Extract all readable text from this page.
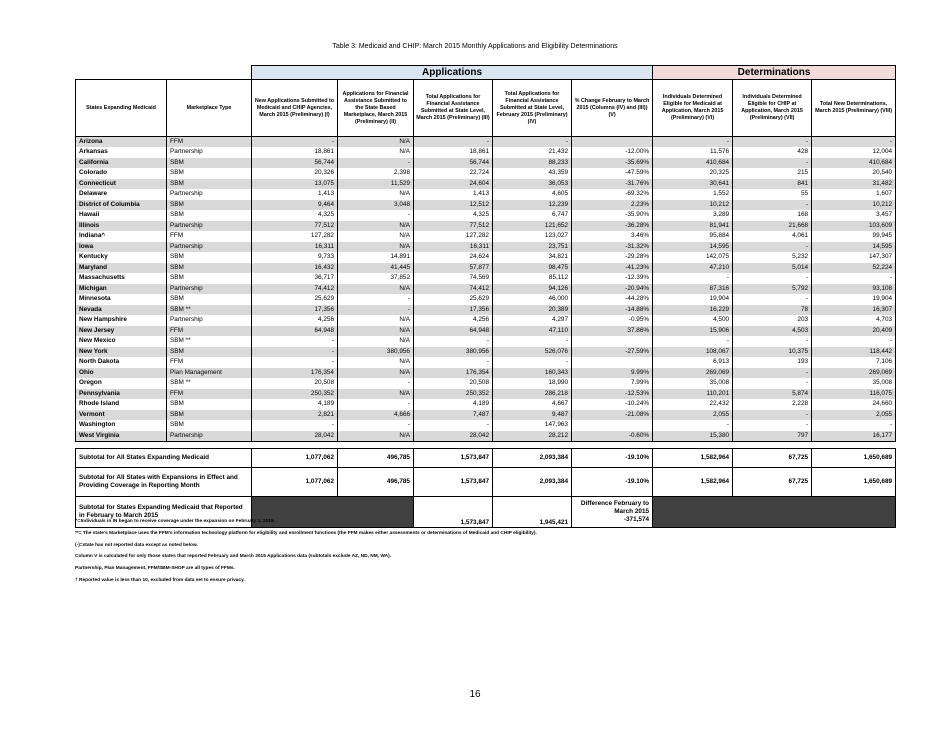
Table 3: Medicaid and CHIP: March 2015 Monthly Applications and Eligibility Determinations
		Applications					Determinations		
States Expanding Medicaid	Marketplace Type	New Applications Submitted to Medicaid and CHIP Agencies, March 2015 (Preliminary) (I)	Applications for Financial Assistance Submitted to the State Based Marketplace, March 2015 (Preliminary) (II)	Total Applications for Financial Assistance Submitted at State Level, March 2015 (Preliminary) (III)	Total Applications for Financial Assistance Submitted at State Level, February 2015 (Preliminary) (IV)	% Change February to March 2015 (Columns (IV) and (III)) (V)	Individuals Determined Eligible for Medicaid at Application, March 2015 (Preliminary) (VI)	Individuals Determined Eligible for CHIP at Application, March 2015 (Preliminary) (VII)	Total New Determinations, March 2015 (Preliminary) (VIII)
Arizona	FFM	-	N/A	-	-		-	-	-
Arkansas	Partnership	18,861	N/A	18,861	21,432	-12.00%	11,576	428	12,004
California	SBM	56,744	-	56,744	88,233	-35.69%	410,684	-	410,684
Colorado	SBM	20,326	2,398	22,724	43,359	-47.59%	20,325	215	20,540
Connecticut	SBM	13,075	11,529	24,604	36,053	-31.76%	30,641	841	31,482
Delaware	Partnership	1,413	N/A	1,413	4,605	-69.32%	1,552	55	1,607
District of Columbia	SBM	9,464	3,048	12,512	12,239	2.23%	10,212	-	10,212
Hawaii	SBM	4,325	-	4,325	6,747	-35.90%	3,289	168	3,457
Illinois	Partnership	77,512	N/A	77,512	121,652	-36.28%	81,941	21,668	103,609
Indiana^	FFM	127,282	N/A	127,282	123,027	3.46%	95,884	4,061	99,945
Iowa	Partnership	16,311	N/A	16,311	23,751	-31.32%	14,595	-	14,595
Kentucky	SBM	9,733	14,891	24,624	34,821	-29.28%	142,075	5,232	147,307
Maryland	SBM	16,432	41,445	57,877	98,475	-41.23%	47,210	5,014	52,224
Massachusetts	SBM	36,717	37,852	74,569	85,112	-12.39%	-	-	-
Michigan	Partnership	74,412	N/A	74,412	94,126	-20.94%	87,316	5,792	93,108
Minnesota	SBM	25,629	-	25,629	46,000	-44.28%	19,904	-	19,904
Nevada	SBM **	17,356	-	17,356	20,389	-14.88%	16,229	78	16,307
New Hampshire	Partnership	4,256	N/A	4,256	4,297	-0.95%	4,500	203	4,703
New Jersey	FFM	64,948	N/A	64,948	47,110	37.86%	15,906	4,503	20,409
New Mexico	SBM **	-	N/A	-	-		-	-	-
New York	SBM	-	380,956	380,956	526,076	-27.59%	108,067	10,375	118,442
North Dakota	FFM	-	N/A	-	-		6,913	193	7,106
Ohio	Plan Management	176,354	N/A	176,354	160,343	9.99%	269,069	-	269,069
Oregon	SBM **	20,508	-	20,508	18,990	7.99%	35,008	-	35,008
Pennsylvania	FFM	250,352	N/A	250,352	286,218	-12.53%	110,201	5,874	116,075
Rhode Island	SBM	4,189	-	4,189	4,667	-10.24%	22,432	2,228	24,660
Vermont	SBM	2,821	4,666	7,487	9,487	-21.08%	2,055	-	2,055
Washington	SBM	-	-	-	147,963		-	-	-
West Virginia	Partnership	28,042	N/A	28,042	28,212	-0.60%	15,380	797	16,177

Subtotal for All States Expanding Medicaid		1,077,062	496,785	1,573,847	2,093,384	-19.10%	1,582,964	67,725	1,650,689
Subtotal for All States with Expansions in Effect and Providing Coverage in Reporting Month		1,077,062	496,785	1,573,847	2,093,384	-19.10%	1,582,964	67,725	1,650,689
Subtotal for States Expanding Medicaid that Reported in February to March 2015				1,573,847	1,945,421	Difference February to March 2015
-371,574			

^=Individuals in IN began to receive coverage under the expansion on February 1, 2015.
**= The state's Marketplace uses the FFM's information technology platform for eligibility and enrollment functions (the FFM makes either assessments or determinations of Medicaid and CHIP eligibility).
(-)=state has not reported data except as noted below.
Column V is calculated for only those states that reported February and March 2015 Applications data (subtotals exclude AZ, ND, NM, WA).
Partnership, Plan Management, FFM/SBM-SHOP are all types of FFMs.
† Reported value is less than 10, excluded from data set to ensure privacy.
16
